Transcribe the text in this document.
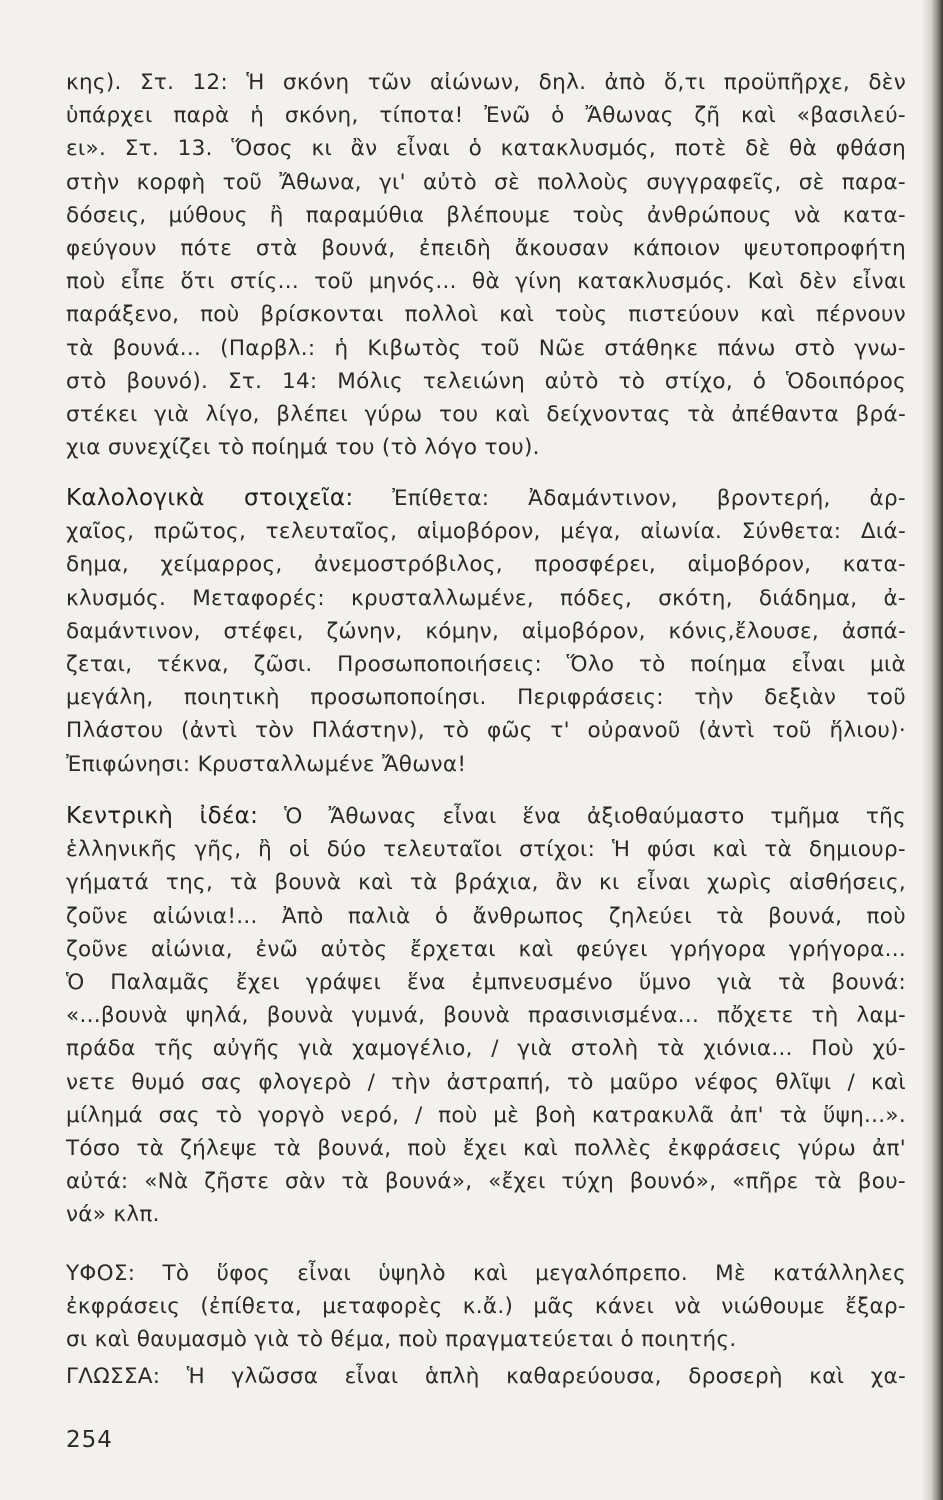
κης). Στ. 12: Ἡ σκόνη τῶν αἰώνων, δηλ. ἀπὸ ὅ,τι προϋπῆρχε, δὲν
ὑπάρχει παρὰ ἡ σκόνη, τίποτα! Ἐνῶ ὁ Ἄθωνας ζῆ καὶ «βασιλεύ-
ει». Στ. 13. Ὅσος κι ἂν εἶναι ὁ κατακλυσμός, ποτὲ δὲ θὰ φθάση
στὴν κορφὴ τοῦ Ἄθωνα, γι' αὐτὸ σὲ πολλοὺς συγγραφεῖς, σὲ παρα-
δόσεις, μύθους ἢ παραμύθια βλέπουμε τοὺς ἀνθρώπους νὰ κατα-
φεύγουν πότε στὰ βουνά, ἐπειδὴ ἄκουσαν κάποιον ψευτοπροφήτη
ποὺ εἶπε ὅτι στίς... τοῦ μηνός... θὰ γίνη κατακλυσμός. Καὶ δὲν εἶναι
παράξενο, ποὺ βρίσκονται πολλοὶ καὶ τοὺς πιστεύουν καὶ πέρνουν
τὰ βουνά... (Παρβλ.: ἡ Κιβωτὸς τοῦ Νῶε στάθηκε πάνω στὸ γνω-
στὸ βουνό). Στ. 14: Μόλις τελειώνη αὐτὸ τὸ στίχο, ὁ Ὁδοιπόρος
στέκει γιὰ λίγο, βλέπει γύρω του καὶ δείχνοντας τὰ ἀπέθαντα βρά-
χια συνεχίζει τὸ ποίημά του (τὸ λόγο του).

Καλολογικὰ στοιχεῖα: Ἐπίθετα: Ἀδαμάντινον, βροντερή, ἀρ-
χαῖος, πρῶτος, τελευταῖος, αἱμοβόρον, μέγα, αἰωνία. Σύνθετα: Διά-
δημα, χείμαρρος, ἀνεμοστρόβιλος, προσφέρει, αἱμοβόρον, κατα-
κλυσμός. Μεταφορές: κρυσταλλωμένε, πόδες, σκότη, διάδημα, ἀ-
δαμάντινον, στέφει, ζώνην, κόμην, αἱμοβόρον, κόνις,ἔλουσε, ἀσπά-
ζεται, τέκνα, ζῶσι. Προσωποποιήσεις: Ὅλο τὸ ποίημα εἶναι μιὰ
μεγάλη, ποιητικὴ προσωποποίησι. Περιφράσεις: τὴν δεξιὰν τοῦ
Πλάστου (ἀντὶ τὸν Πλάστην), τὸ φῶς τ' οὐρανοῦ (ἀντὶ τοῦ ἥλιου)·
Ἐπιφώνησι: Κρυσταλλωμένε Ἄθωνα!

Κεντρικὴ ἰδέα: Ὁ Ἄθωνας εἶναι ἕνα ἀξιοθαύμαστο τμῆμα τῆς
ἑλληνικῆς γῆς, ἢ οἱ δύο τελευταῖοι στίχοι: Ἡ φύσι καὶ τὰ δημιουρ-
γήματά της, τὰ βουνὰ καὶ τὰ βράχια, ἂν κι εἶναι χωρὶς αἰσθήσεις,
ζοῦνε αἰώνια!... Ἀπὸ παλιὰ ὁ ἄνθρωπος ζηλεύει τὰ βουνά, ποὺ
ζοῦνε αἰώνια, ἐνῶ αὐτὸς ἔρχεται καὶ φεύγει γρήγορα γρήγορα...
Ὁ Παλαμᾶς ἔχει γράψει ἕνα ἐμπνευσμένο ὕμνο γιὰ τὰ βουνά:
«...βουνὰ ψηλά, βουνὰ γυμνά, βουνὰ πρασινισμένα... πὄχετε τὴ λαμ-
πράδα τῆς αὐγῆς γιὰ χαμογέλιο, / γιὰ στολὴ τὰ χιόνια... Ποὺ χύ-
νετε θυμό σας φλογερὸ / τὴν ἀστραπή, τὸ μαῦρο νέφος θλῖψι / καὶ
μίλημά σας τὸ γοργὸ νερό, / ποὺ μὲ βοὴ κατρακυλᾶ ἀπ' τὰ ὕψη...».
Τόσο τὰ ζήλεψε τὰ βουνά, ποὺ ἔχει καὶ πολλὲς ἐκφράσεις γύρω ἀπ'
αὐτά: «Νὰ ζῆστε σὰν τὰ βουνά», «ἔχει τύχη βουνό», «πῆρε τὰ βου-
νά» κλπ.

ΥΦΟΣ: Τὸ ὕφος εἶναι ὑψηλὸ καὶ μεγαλόπρεπο. Μὲ κατάλληλες
ἐκφράσεις (ἐπίθετα, μεταφορὲς κ.ἄ.) μᾶς κάνει νὰ νιώθουμε ἔξαρ-
σι καὶ θαυμασμὸ γιὰ τὸ θέμα, ποὺ πραγματεύεται ὁ ποιητής.

ΓΛΩΣΣΑ: Ἡ γλῶσσα εἶναι ἁπλὴ καθαρεύουσα, δροσερὴ καὶ χα-

254
